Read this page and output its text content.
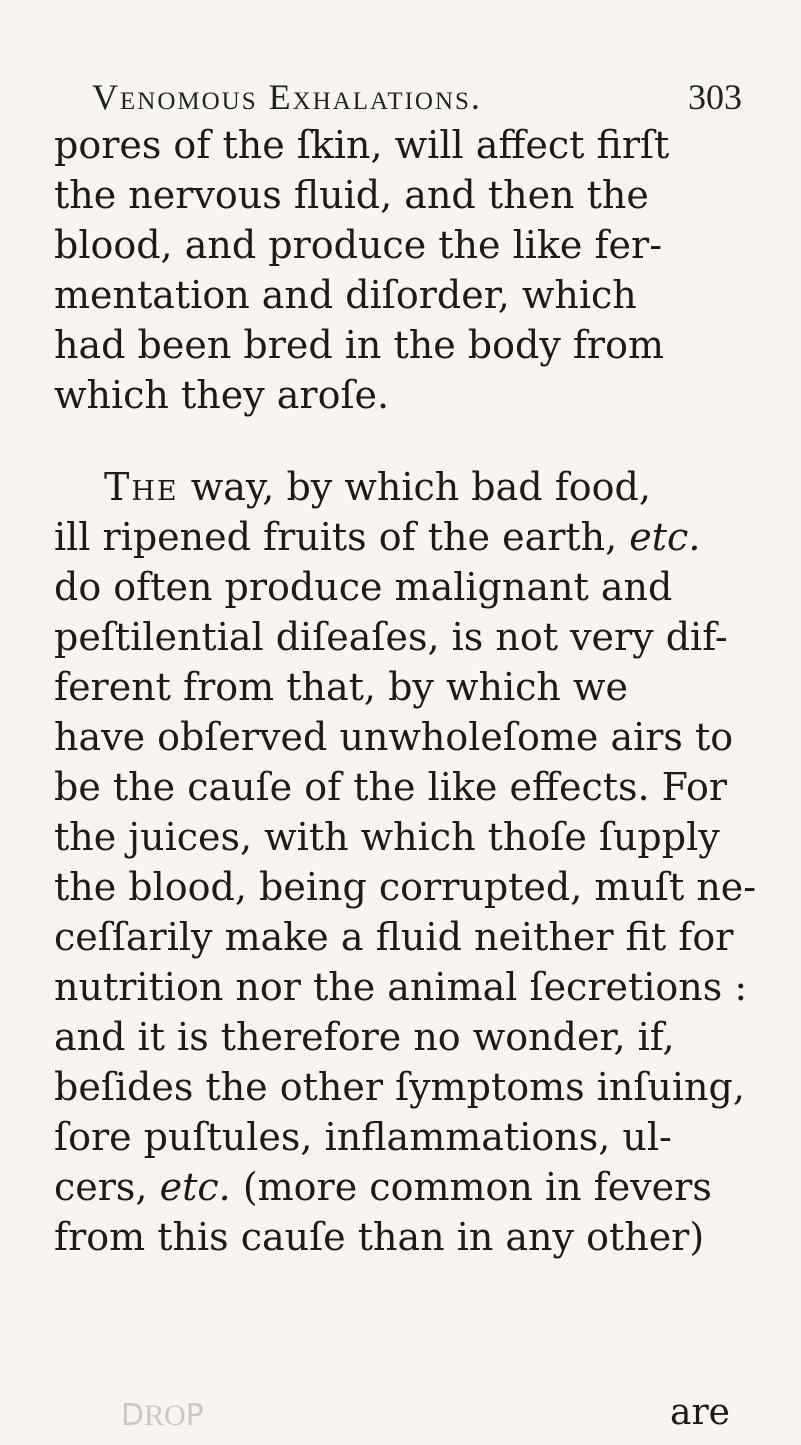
Venomous Exhalations.	303
pores of the ſkin, will affect firſt
the nervous fluid, and then the
blood, and produce the like fer-
mentation and diſorder, which
had been bred in the body from
which they aroſe.
The way, by which bad food,
ill ripened fruits of the earth, etc.
do often produce malignant and
peſtilential diſeaſes, is not very dif-
ferent from that, by which we
have obſerved unwholeſome airs to
be the cauſe of the like effects. For
the juices, with which thoſe ſupply
the blood, being corrupted, muſt ne-
ceſſarily make a fluid neither fit for
nutrition nor the animal ſecretions :
and it is therefore no wonder, if,
beſides the other ſymptoms inſuing,
ſore puſtules, inflammations, ul-
cers, etc. (more common in fevers
from this cauſe than in any other)
are
ꟼOЯᗡ
